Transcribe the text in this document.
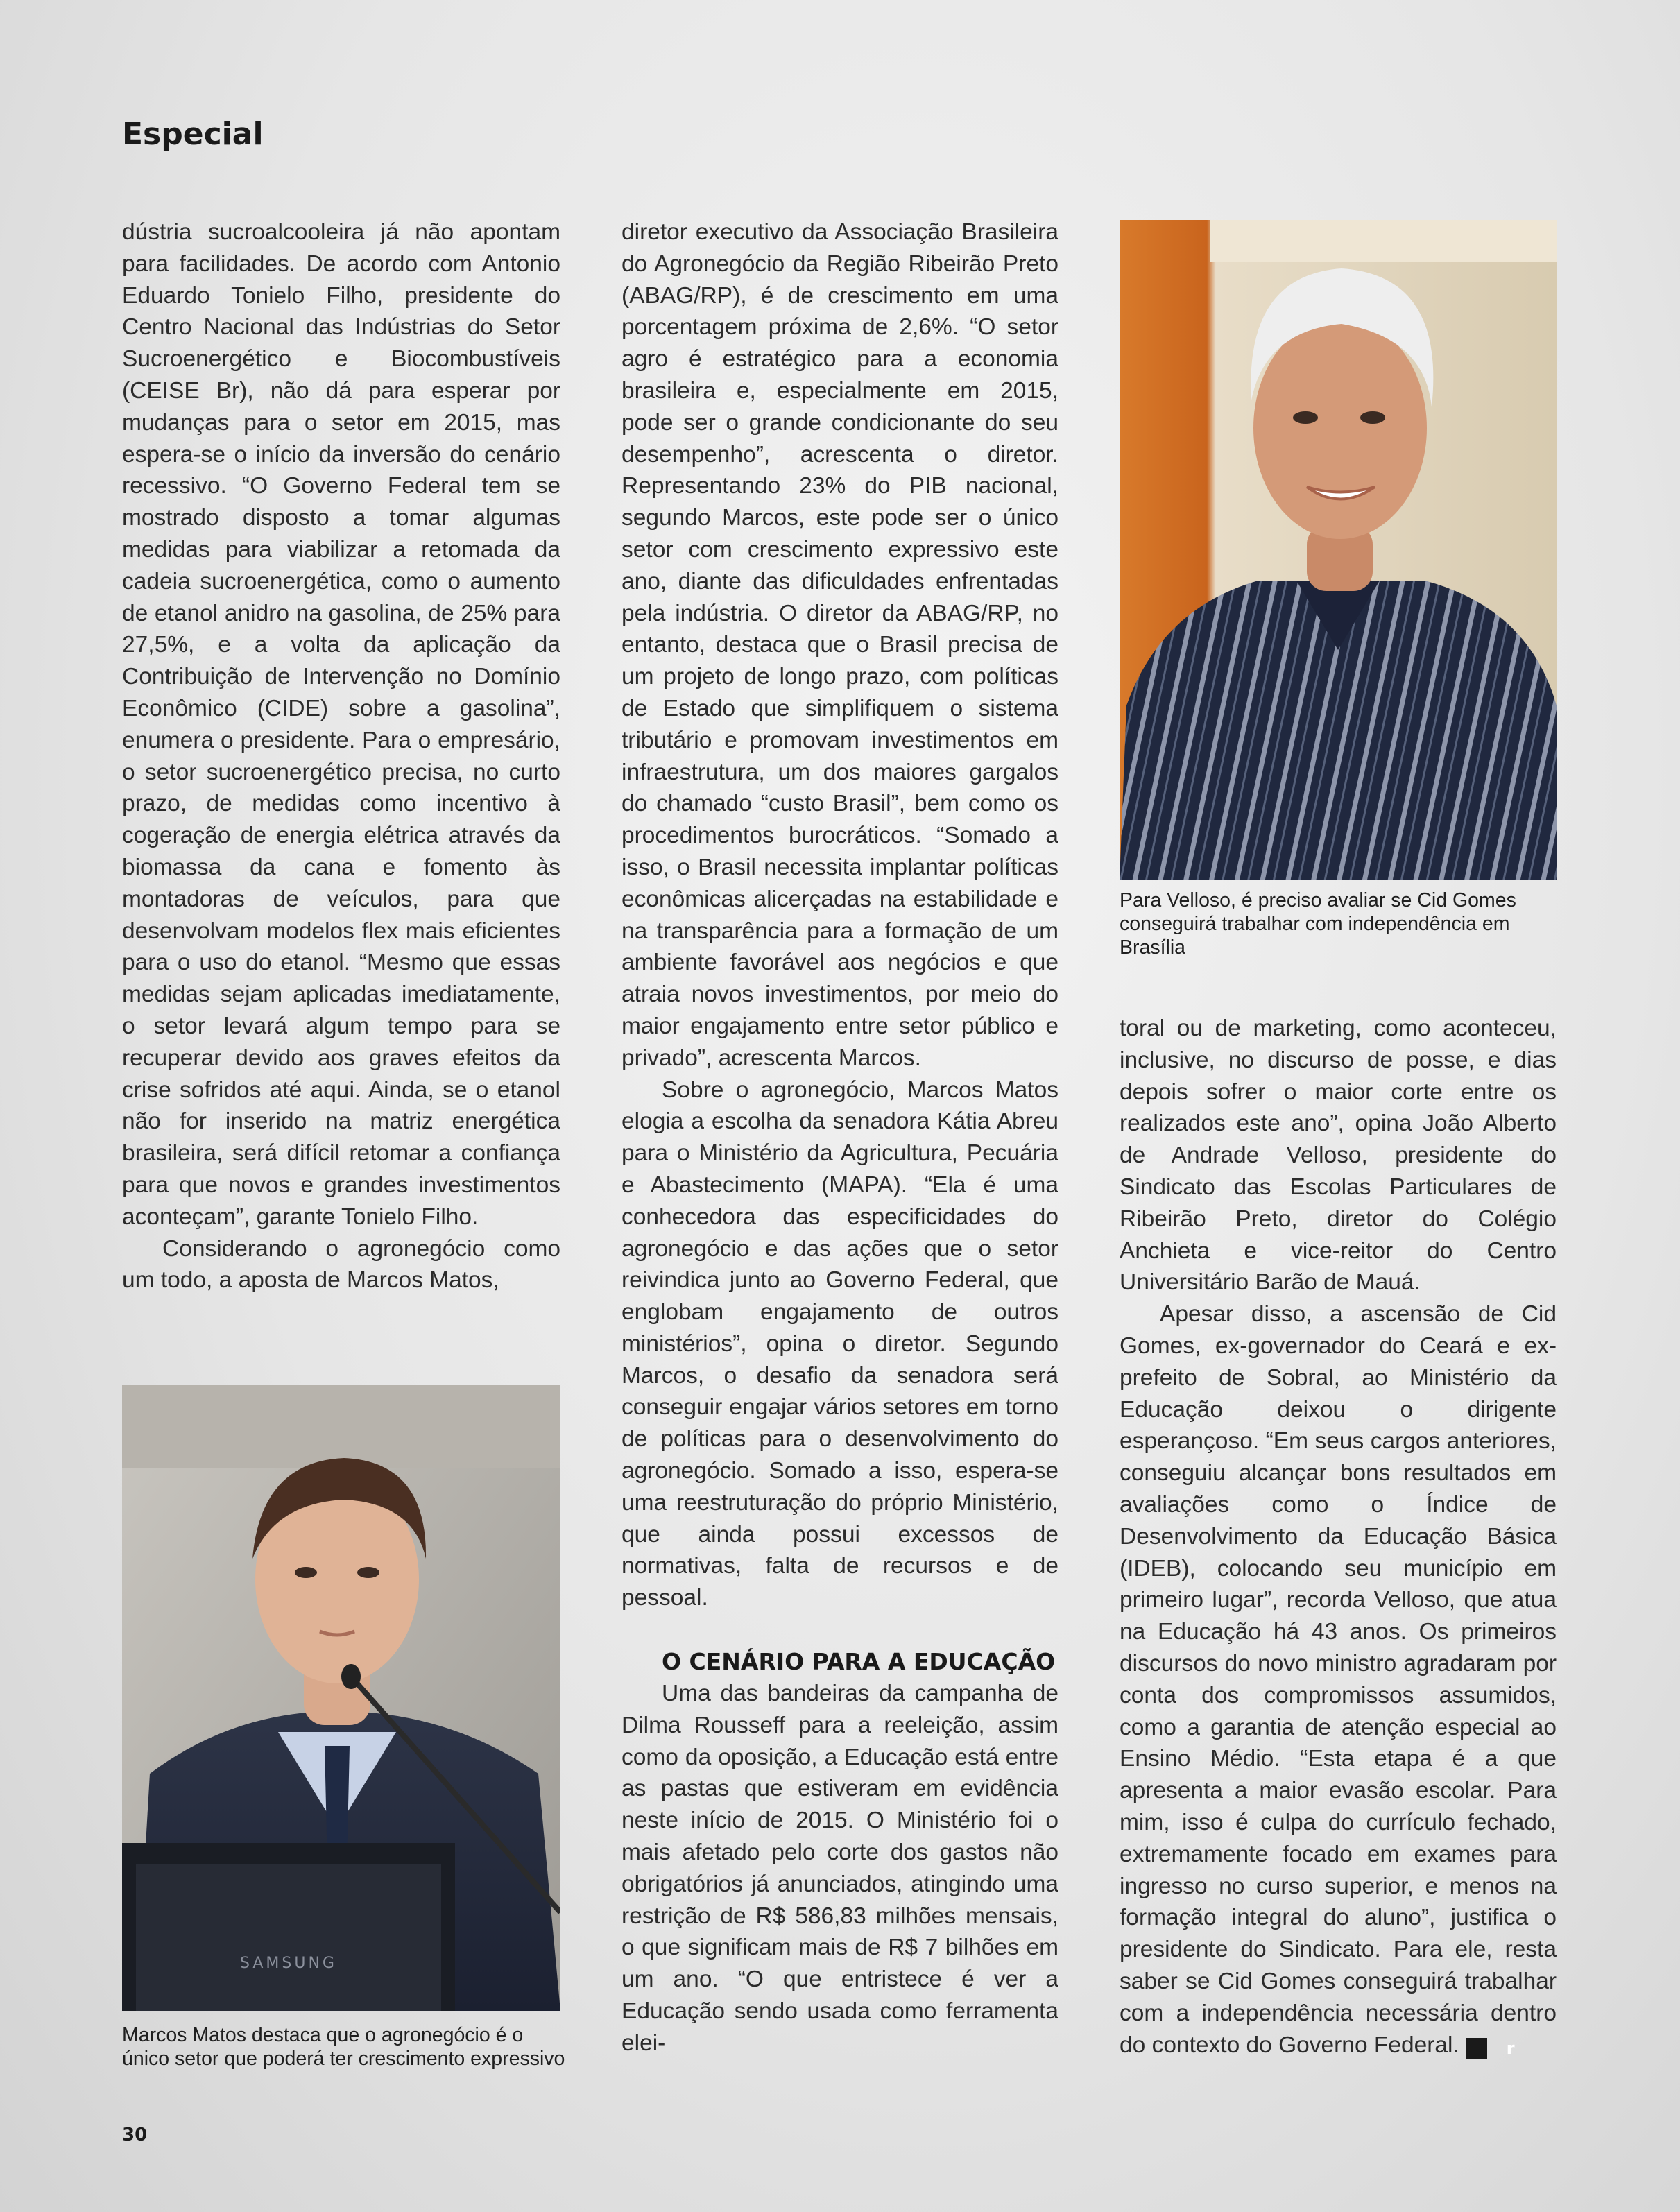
Especial

dústria sucroalcooleira já não apontam para facilidades. De acordo com Antonio Eduardo Tonielo Filho, presidente do Centro Nacional das Indústrias do Setor Sucroenergético e Biocombustíveis (CEISE Br), não dá para esperar por mudanças para o setor em 2015, mas espera-se o início da inversão do cenário recessivo. “O Governo Federal tem se mostrado disposto a tomar algumas medidas para viabilizar a retomada da cadeia sucroenergética, como o aumento de etanol anidro na gasolina, de 25% para 27,5%, e a volta da aplicação da Contribuição de Intervenção no Domínio Econômico (CIDE) sobre a gasolina”, enumera o presidente. Para o empresário, o setor sucroenergético precisa, no curto prazo, de medidas como incentivo à cogeração de energia elétrica através da biomassa da cana e fomento às montadoras de veículos, para que desenvolvam modelos flex mais eficientes para o uso do etanol. “Mesmo que essas medidas sejam aplicadas imediatamente, o setor levará algum tempo para se recuperar devido aos graves efeitos da crise sofridos até aqui. Ainda, se o etanol não for inserido na matriz energética brasileira, será difícil retomar a confiança para que novos e grandes investimentos aconteçam”, garante Tonielo Filho.

Considerando o agronegócio como um todo, a aposta de Marcos Matos,

diretor executivo da Associação Brasileira do Agronegócio da Região Ribeirão Preto (ABAG/RP), é de crescimento em uma porcentagem próxima de 2,6%. “O setor agro é estratégico para a economia brasileira e, especialmente em 2015, pode ser o grande condicionante do seu desempenho”, acrescenta o diretor. Representando 23% do PIB nacional, segundo Marcos, este pode ser o único setor com crescimento expressivo este ano, diante das dificuldades enfrentadas pela indústria. O diretor da ABAG/RP, no entanto, destaca que o Brasil precisa de um projeto de longo prazo, com políticas de Estado que simplifiquem o sistema tributário e promovam investimentos em infraestrutura, um dos maiores gargalos do chamado “custo Brasil”, bem como os procedimentos burocráticos. “Somado a isso, o Brasil necessita implantar políticas econômicas alicerçadas na estabilidade e na transparência para a formação de um ambiente favorável aos negócios e que atraia novos investimentos, por meio do maior engajamento entre setor público e privado”, acrescenta Marcos.

Sobre o agronegócio, Marcos Matos elogia a escolha da senadora Kátia Abreu para o Ministério da Agricultura, Pecuária e Abastecimento (MAPA). “Ela é uma conhecedora das especificidades do agronegócio e das ações que o setor reivindica junto ao Governo Federal, que englobam engajamento de outros ministérios”, opina o diretor. Segundo Marcos, o desafio da senadora será conseguir engajar vários setores em torno de políticas para o desenvolvimento do agronegócio. Somado a isso, espera-se uma reestruturação do próprio Ministério, que ainda possui excessos de normativas, falta de recursos e de pessoal.

O CENÁRIO PARA A EDUCAÇÃO

Uma das bandeiras da campanha de Dilma Rousseff para a reeleição, assim como da oposição, a Educação está entre as pastas que estiveram em evidência neste início de 2015. O Ministério foi o mais afetado pelo corte dos gastos não obrigatórios já anunciados, atingindo uma restrição de R$ 586,83 milhões mensais, o que significam mais de R$ 7 bilhões em um ano. “O que entristece é ver a Educação sendo usada como ferramenta elei-

toral ou de marketing, como aconteceu, inclusive, no discurso de posse, e dias depois sofrer o maior corte entre os realizados este ano”, opina João Alberto de Andrade Velloso, presidente do Sindicato das Escolas Particulares de Ribeirão Preto, diretor do Colégio Anchieta e vice-reitor do Centro Universitário Barão de Mauá.

Apesar disso, a ascensão de Cid Gomes, ex-governador do Ceará e ex-prefeito de Sobral, ao Ministério da Educação deixou o dirigente esperançoso. “Em seus cargos anteriores, conseguiu alcançar bons resultados em avaliações como o Índice de Desenvolvimento da Educação Básica (IDEB), colocando seu município em primeiro lugar”, recorda Velloso, que atua na Educação há 43 anos. Os primeiros discursos do novo ministro agradaram por conta dos compromissos assumidos, como a garantia de atenção especial ao Ensino Médio. “Esta etapa é a que apresenta a maior evasão escolar. Para mim, isso é culpa do currículo fechado, extremamente focado em exames para ingresso no curso superior, e menos na formação integral do aluno”, justifica o presidente do Sindicato. Para ele, resta saber se Cid Gomes conseguirá trabalhar com a independência necessária dentro do contexto do Governo Federal.	r

SAMSUNG

Marcos Matos destaca que o agronegócio é o único setor que poderá ter crescimento expressivo

Para Velloso, é preciso avaliar se Cid Gomes conseguirá trabalhar com independência em Brasília

30
